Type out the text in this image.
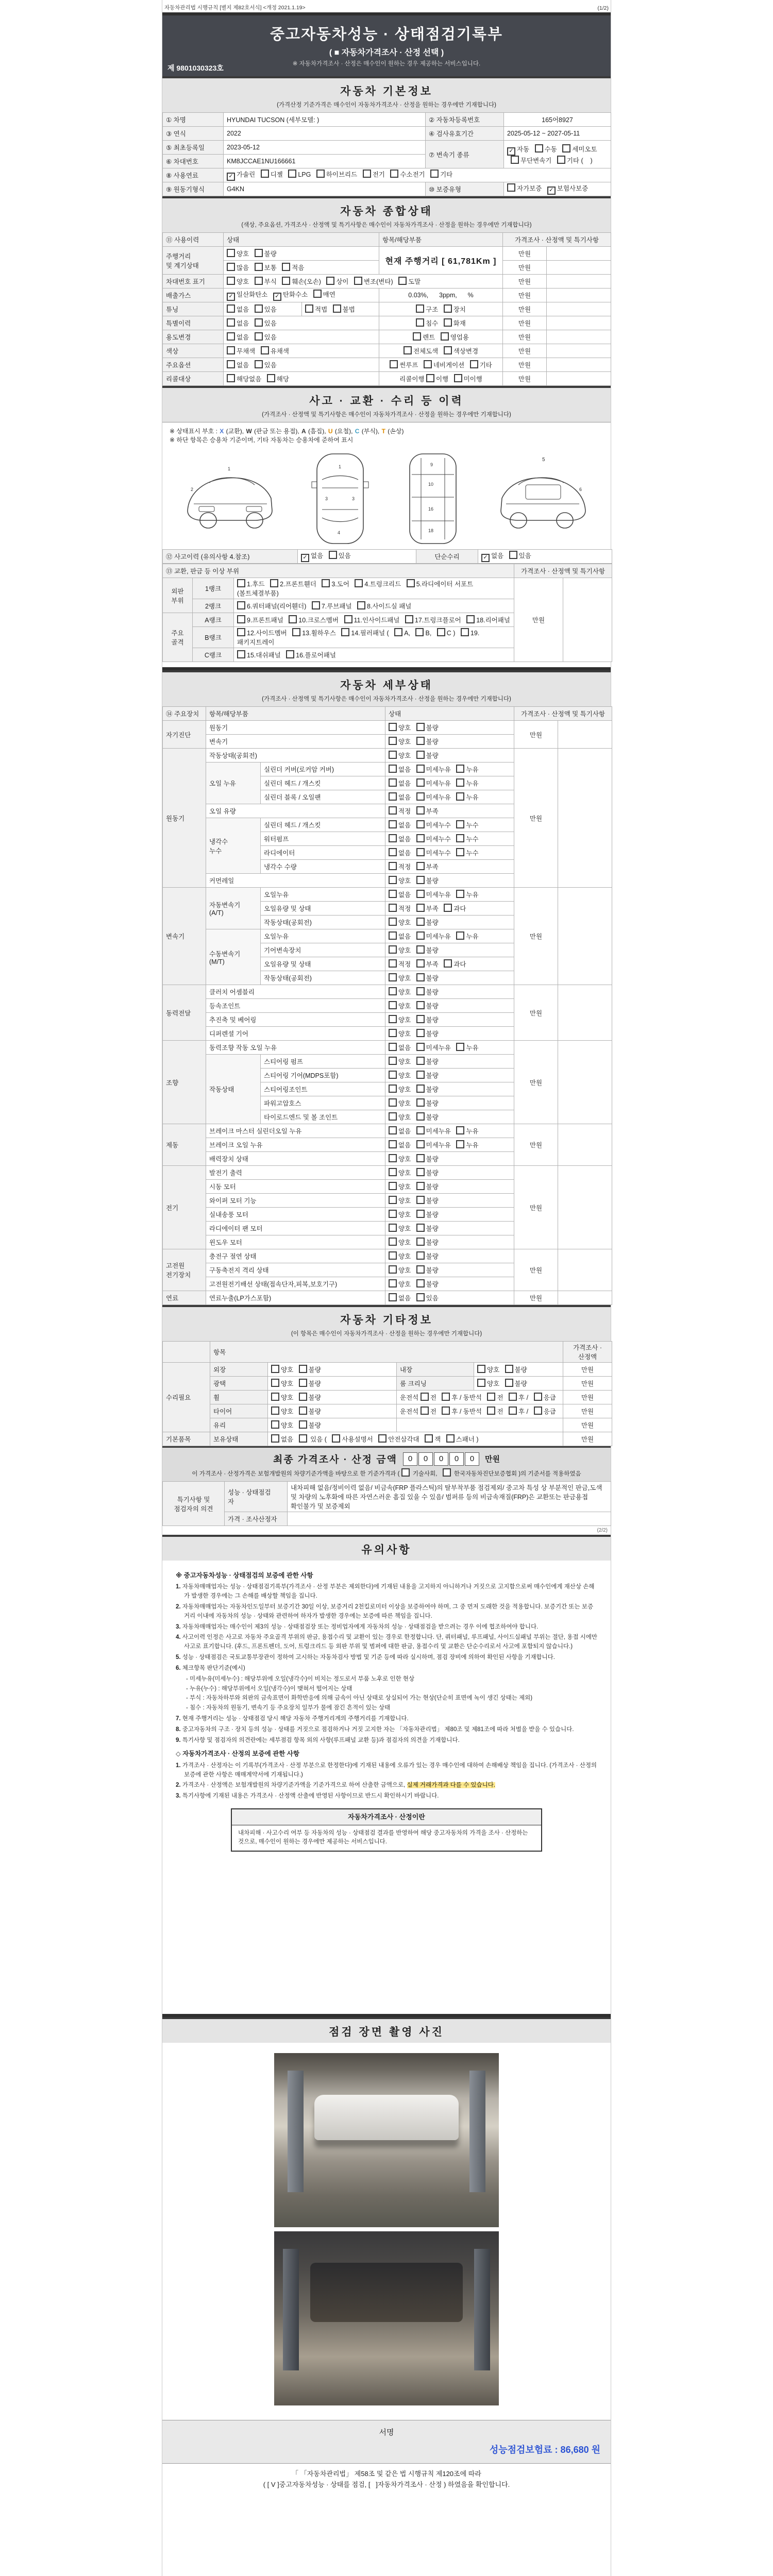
자동차관리법 시행규칙 [별지 제82호서식] <개정 2021.1.19>	(1/2)
중고자동차성능 · 상태점검기록부
( ■ 자동차가격조사 · 산정 선택 )
※ 자동차가격조사 · 산정은 매수인이 원하는 경우 제공하는 서비스입니다.
제 9801030323호
자동차 기본정보
(가격산정 기준가격은 매수인이 자동차가격조사 · 산정을 원하는 경우에만 기재합니다)
① 차명	HYUNDAI TUCSON (세부모델: )	② 자동차등록번호	165어8927
③ 연식	2022	④ 검사유효기간	2025-05-12 ~ 2027-05-11
⑤ 최초등록일	2023-05-12	⑦ 변속기 종류	✓ 자동 수동 세미오토 무단변속기 기타 (    )
⑥ 차대번호	KM8JCCAE1NU166661		
⑧ 사용연료	✓ 가솔린 디젤 LPG 하이브리드 전기 수소전기 기타		
⑨ 원동기형식	G4KN	⑩ 보증유형	자가보증 ✓ 보험사보증
자동차 종합상태
(색상, 주요옵션, 가격조사 · 산정액 및 특기사항은 매수인이 자동차가격조사 · 산정을 원하는 경우에만 기재합니다)
⑪ 사용이력	상태		항목/해당부품	가격조사 · 산정액 및 특기사항	
주행거리
및 계기상태	양호 불량		현재 주행거리 [ 61,781Km ]	만원	
	많음 보통 적음			만원	
차대번호 표기	양호 부식 훼손(오손) 상이 변조(변타) 도말			만원	
배출가스	✓ 일산화탄소 ✓ 탄화수소 매연		0.03%,      3ppm,      %	만원	
튜닝	없음 있음	적법 불법	구조 장치	만원	
특별이력	없음 있음		침수 화재	만원	
용도변경	없음 있음		렌트 영업용	만원	
색상	무채색 유채색		전체도색 색상변경	만원	
주요옵션	없음 있음		썬루프 네비게이션 기타	만원	
리콜대상	해당없음 해당		리콜이행 이행 미이행	만원	
사고 · 교환 · 수리 등 이력
(가격조사 · 산정액 및 특기사항은 매수인이 자동차가격조사 · 산정을 원하는 경우에만 기재합니다)
※ 상태표시 부호 : X (교환), W (판금 또는 용접), A (흠집), U (요철), C (부식), T (손상)
※ 하단 항목은 승용차 기준이며, 기타 자동차는 승용차에 준하여 표시
1
2
1
3	3
4
9
10
16
18
5
6
⑫ 사고이력 (유의사항 4.참조)	✓ 없음 있음	단순수리	✓ 없음 있음
⑬ 교환, 판금 등 이상 부위			가격조사 · 산정액 및 특기사항	
외판
부위	1랭크	1.후드 2.프론트휀더 3.도어 4.트렁크리드 5.라디에이터 서포트(볼트체결부품)	만원	
	2랭크	6.쿼터패널(리어휀더) 7.루브패널 8.사이드실 패널		
주요
골격	A랭크	9.프론트패널 10.크로스멤버 11.인사이드패널 17.트렁크플로어 18.리어패널		
	B랭크	12.사이드멤버 13.휠하우스 14.필러패널 ( A, B, C ) 19.패키지트레이		
	C랭크	15.대쉬패널 16.플로어패널		
자동차 세부상태
(가격조사 · 산정액 및 특기사항은 매수인이 자동차가격조사 · 산정을 원하는 경우에만 기재합니다)
⑭ 주요장치	항목/해당부품		상태	가격조사 · 산정액 및 특기사항	
자기진단	원동기		양호 불량	만원	
	변속기		양호 불량		
원동기	작동상태(공회전)		양호 불량	만원	
	오일 누유	실린더 커버(로커암 커버)	없음 미세누유 누유		
		실린더 헤드 / 개스킷	없음 미세누유 누유		
		실린더 블록 / 오일팬	없음 미세누유 누유		
	오일 유량		적정 부족		
	냉각수
누수	실린더 헤드 / 개스킷	없음 미세누수 누수		
		워터펌프	없음 미세누수 누수		
		라디에이터	없음 미세누수 누수		
		냉각수 수량	적정 부족		
	커먼레일		양호 불량		
변속기	자동변속기
(A/T)	오일누유	없음 미세누유 누유	만원	
		오일유량 및 상태	적정 부족 과다		
		작동상태(공회전)	양호 불량		
	수동변속기
(M/T)	오일누유	없음 미세누유 누유		
		기어변속장치	양호 불량		
		오일유량 및 상태	적정 부족 과다		
		작동상태(공회전)	양호 불량		
동력전달	클러치 어셈블리		양호 불량	만원	
	등속조인트		양호 불량		
	추진축 및 베어링		양호 불량		
	디퍼렌셜 기어		양호 불량		
조향	동력조향 작동 오일 누유		없음 미세누유 누유	만원	
	작동상태	스티어링 펌프	양호 불량		
		스티어링 기어(MDPS포함)	양호 불량		
		스티어링조인트	양호 불량		
		파워고압호스	양호 불량		
		타이로드엔드 및 볼 조인트	양호 불량		
제동	브레이크 마스터 실린더오일 누유		없음 미세누유 누유	만원	
	브레이크 오일 누유		없음 미세누유 누유		
	배력장치 상태		양호 불량		
전기	발전기 출력		양호 불량	만원	
	시동 모터		양호 불량		
	와이퍼 모터 기능		양호 불량		
	실내송풍 모터		양호 불량		
	라디에이터 팬 모터		양호 불량		
	윈도우 모터		양호 불량		
고전원
전기장치	충전구 절연 상태		양호 불량	만원	
	구동축전지 격리 상태		양호 불량		
	고전원전기배선 상태(접속단자,피복,보호기구)		양호 불량		
연료	연료누출(LP가스포함)		없음 있음	만원	
자동차 기타정보
(이 항목은 매수인이 자동차가격조사 · 산정을 원하는 경우에만 기재합니다)
	항목				가격조사 · 산정액
수리필요	외장	양호 불량	내장	양호 불량	만원
	광택	양호 불량	룸 크리닝	양호 불량	만원
	휠	양호 불량	운전석 전 후 / 동반석 전 후 / 응급		만원
	타이어	양호 불량	운전석 전 후 / 동반석 전 후 / 응급		만원
	유리	양호 불량			만원
기본품목	보유상태	없음  있음 ( 사용설명서 안전삼각대 잭 스패너 )			만원
최종 가격조사 · 산정 금액	0 0 0 0 0	만원
이 가격조사 · 산정가격은 보험개발원의 차량기준가액을 바탕으로 한 기준가격과 (  기술사회,	한국자동차진단보증협회 )의 기준서를 적용하였음
특기사항 및
점검자의 의견	성능 · 상태점검
자	내차피해 없음/정비이력 없음/ 비금속(FRP 플라스틱)의 탈부착부품 점검제외/ 중고차 특성 상 부분적인 판금,도색 및 차량의 노후화에 따른 자연스러운 흠집 있을 수 있음/ 범퍼류 등의 비금속재질(FRP)은 교환또는 판금용접 확인불가 및 보증제외
	가격 · 조사산정자	
(2/2)
유의사항
※ 중고자동차성능 · 상태점검의 보증에 관한 사항

1. 자동차매매업자는 성능 · 상태점검기록부(가격조사 · 산정 부분은 제외한다)에 기재된 내용을 고지하지 아니하거나 거짓으로 고지함으로써 매수인에게 재산상 손해가 발생한 경우에는 그 손해를 배상할 책임을 집니다.

2. 자동차매매업자는 자동차인도일부터 보증기간 30일 이상, 보증거리 2천킬로미터 이상을 보증하여야 하며, 그 중 먼저 도래한 것을 적용합니다. 보증기간 또는 보증거리 이내에 자동차의 성능 · 상태와 관련하여 하자가 발생한 경우에는 보증에 따른 책임을 집니다.

3. 자동차매매업자는 매수인이 제3의 성능 · 상태점검장 또는 정비업자에게 자동차의 성능 · 상태점검을 받으려는 경우 이에 협조하여야 합니다.

4. 사고이력 인정은 사고로 자동차 주요골격 부위의 판금, 용접수리 및 교환이 있는 경우로 한정합니다. 단, 쿼터패널, 루프패널, 사이드실패널 부위는 절단, 용접 시에만 사고로 표기합니다. (후드, 프론트펜더, 도어, 트렁크리드 등 외판 부위 및 범퍼에 대한 판금, 용접수리 및 교환은 단순수리로서 사고에 포함되지 않습니다.)

5. 성능 · 상태점검은 국토교통부장관이 정하여 고시하는 자동차검사 방법 및 기준 등에 따라 실시하며, 점검 장비에 의하여 확인된 사항을 기재합니다.

6. 체크항목 판단기준(예시)

- 미세누유(미세누수) : 해당부위에 오일(냉각수)이 비치는 정도로서 부품 노후로 인한 현상
- 누유(누수) : 해당부위에서 오일(냉각수)이 맺혀서 떨어지는 상태
- 부식 : 자동차하부와 외판의 금속표면이 화학반응에 의해 금속이 아닌 상태로 상실되어 가는 현상(단순히 표면에 녹이 생긴 상태는 제외)
- 침수 : 자동차의 원동기, 변속기 등 주요장치 일부가 물에 잠긴 흔적이 있는 상태

7. 현재 주행거리는 성능 · 상태점검 당시 해당 자동차 주행거리계의 주행거리를 기재합니다.

8. 중고자동차의 구조 · 장치 등의 성능 · 상태를 거짓으로 점검하거나 거짓 고지한 자는 「자동차관리법」 제80조 및 제81조에 따라 처벌을 받을 수 있습니다.

9. 특기사항 및 점검자의 의견란에는 세부점검 항목 외의 사항(루프패널 교환 등)과 점검자의 의견을 기재합니다.

◇ 자동차가격조사 · 산정의 보증에 관한 사항

1. 가격조사 · 산정자는 이 기록부(가격조사 · 산정 부분으로 한정한다)에 기재된 내용에 오류가 있는 경우 매수인에 대하여 손해배상 책임을 집니다. (가격조사 · 산정의 보증에 관한 사항은 매매계약서에 기재됩니다.)

2. 가격조사 · 산정액은 보험개발원의 차량기준가액을 기준가격으로 하여 산출한 금액으로, 실제 거래가격과 다를 수 있습니다.

3. 특기사항에 기재된 내용은 가격조사 · 산정액 산출에 반영된 사항이므로 반드시 확인하시기 바랍니다.

자동차가격조사 · 산정이란
내차피해 · 사고수리 여부 등 자동차의 성능 · 상태점검 결과를 반영하여 해당 중고자동차의 가격을 조사 · 산정하는 것으로, 매수인이 원하는 경우에만 제공하는 서비스입니다.
점검 장면 촬영 사진
서명
성능점검보험료 : 86,680 원
「 「자동차관리법」 제58조 및 같은 법 시행규칙 제120조에 따라
( [ V ]중고자동차성능 · 상태를 점검, [   ]자동차가격조사 · 산정 ) 하였음을 확인합니다.
